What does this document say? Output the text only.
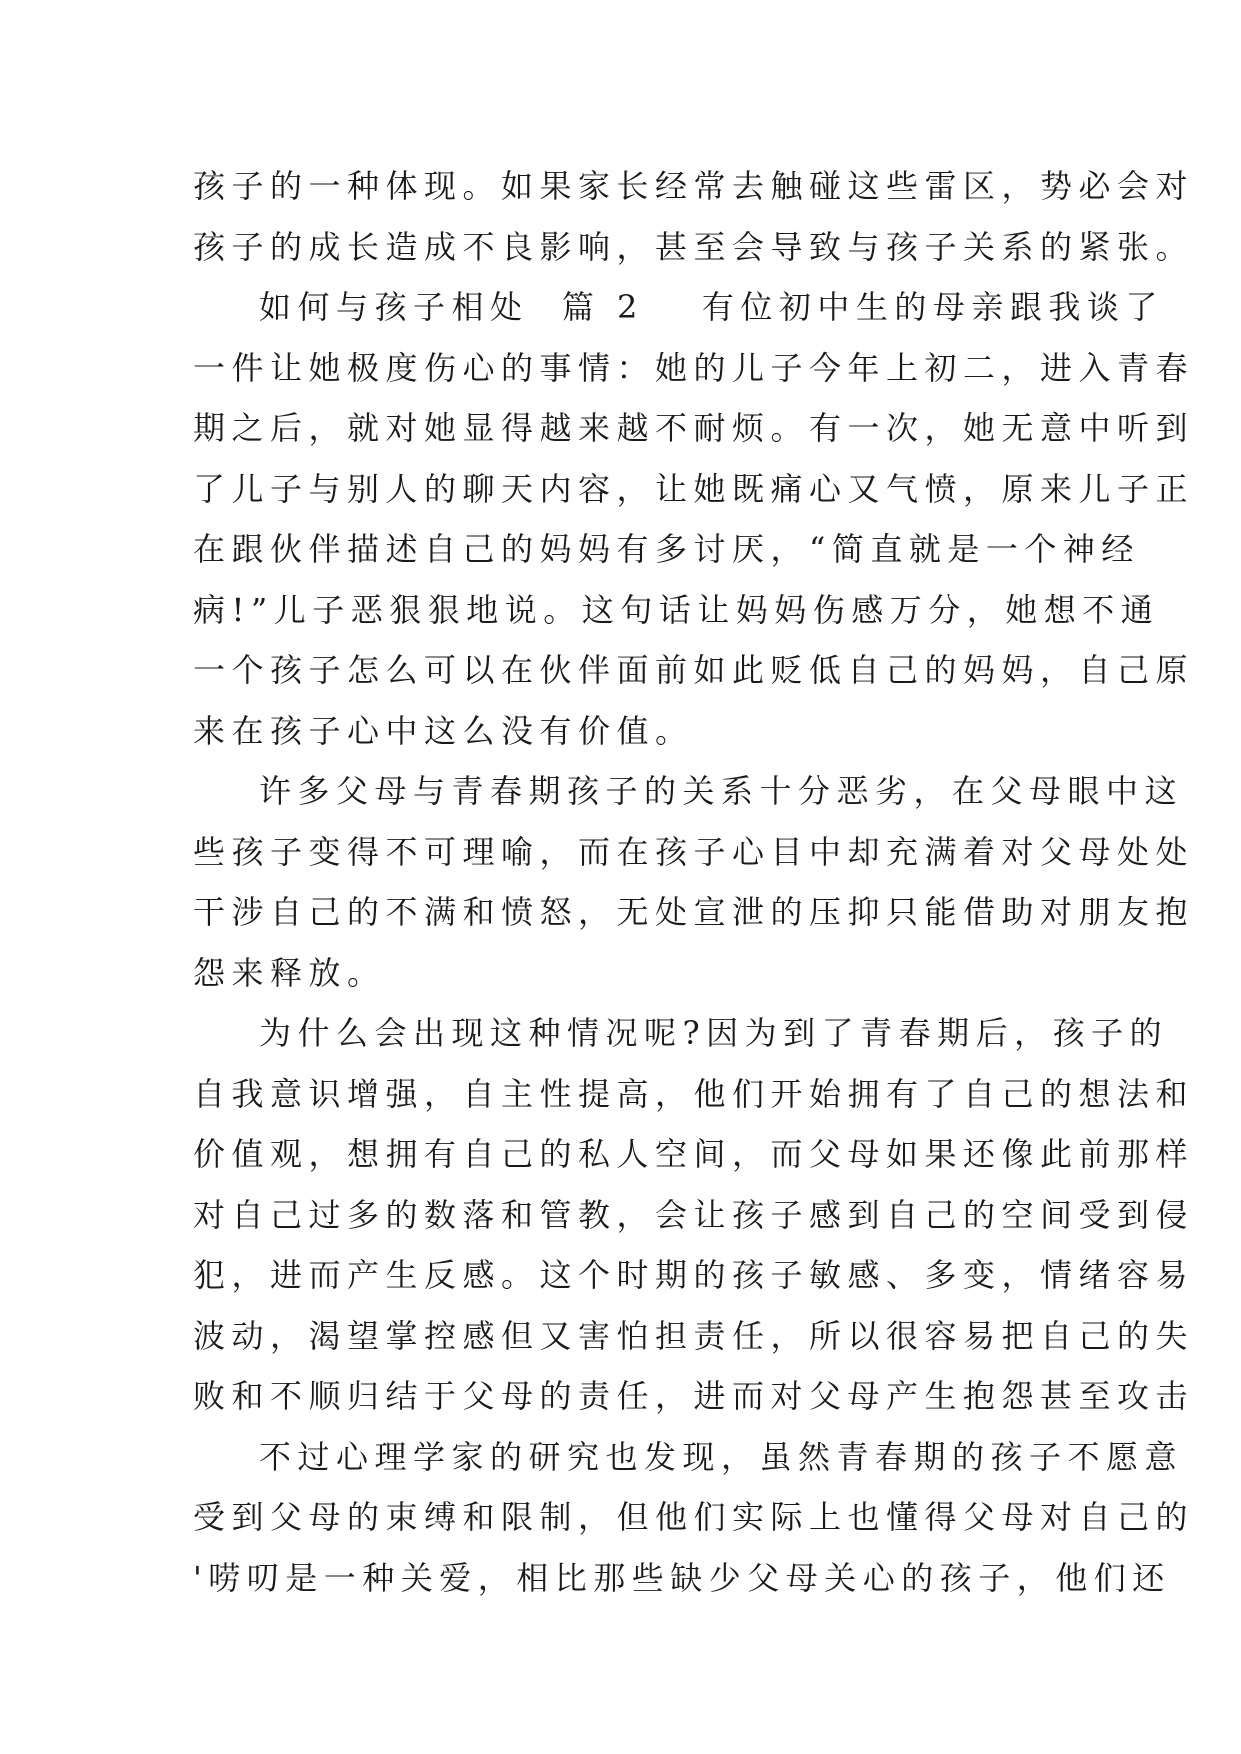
孩子的一种体现。如果家长经常去触碰这些雷区，势必会对
孩子的成长造成不良影响，甚至会导致与孩子关系的紧张。
如何与孩子相处  篇 2 有位初中生的母亲跟我谈了
一件让她极度伤心的事情：她的儿子今年上初二，进入青春
期之后，就对她显得越来越不耐烦。有一次，她无意中听到
了儿子与别人的聊天内容，让她既痛心又气愤，原来儿子正
在跟伙伴描述自己的妈妈有多讨厌，“简直就是一个神经
病!”儿子恶狠狠地说。这句话让妈妈伤感万分，她想不通
一个孩子怎么可以在伙伴面前如此贬低自己的妈妈，自己原
来在孩子心中这么没有价值。
许多父母与青春期孩子的关系十分恶劣，在父母眼中这
些孩子变得不可理喻，而在孩子心目中却充满着对父母处处
干涉自己的不满和愤怒，无处宣泄的压抑只能借助对朋友抱
怨来释放。
为什么会出现这种情况呢?因为到了青春期后，孩子的
自我意识增强，自主性提高，他们开始拥有了自己的想法和
价值观，想拥有自己的私人空间，而父母如果还像此前那样
对自己过多的数落和管教，会让孩子感到自己的空间受到侵
犯，进而产生反感。这个时期的孩子敏感、多变，情绪容易
波动，渴望掌控感但又害怕担责任，所以很容易把自己的失
败和不顺归结于父母的责任，进而对父母产生抱怨甚至攻击
不过心理学家的研究也发现，虽然青春期的孩子不愿意
受到父母的束缚和限制，但他们实际上也懂得父母对自己的
'唠叨是一种关爱，相比那些缺少父母关心的孩子，他们还
